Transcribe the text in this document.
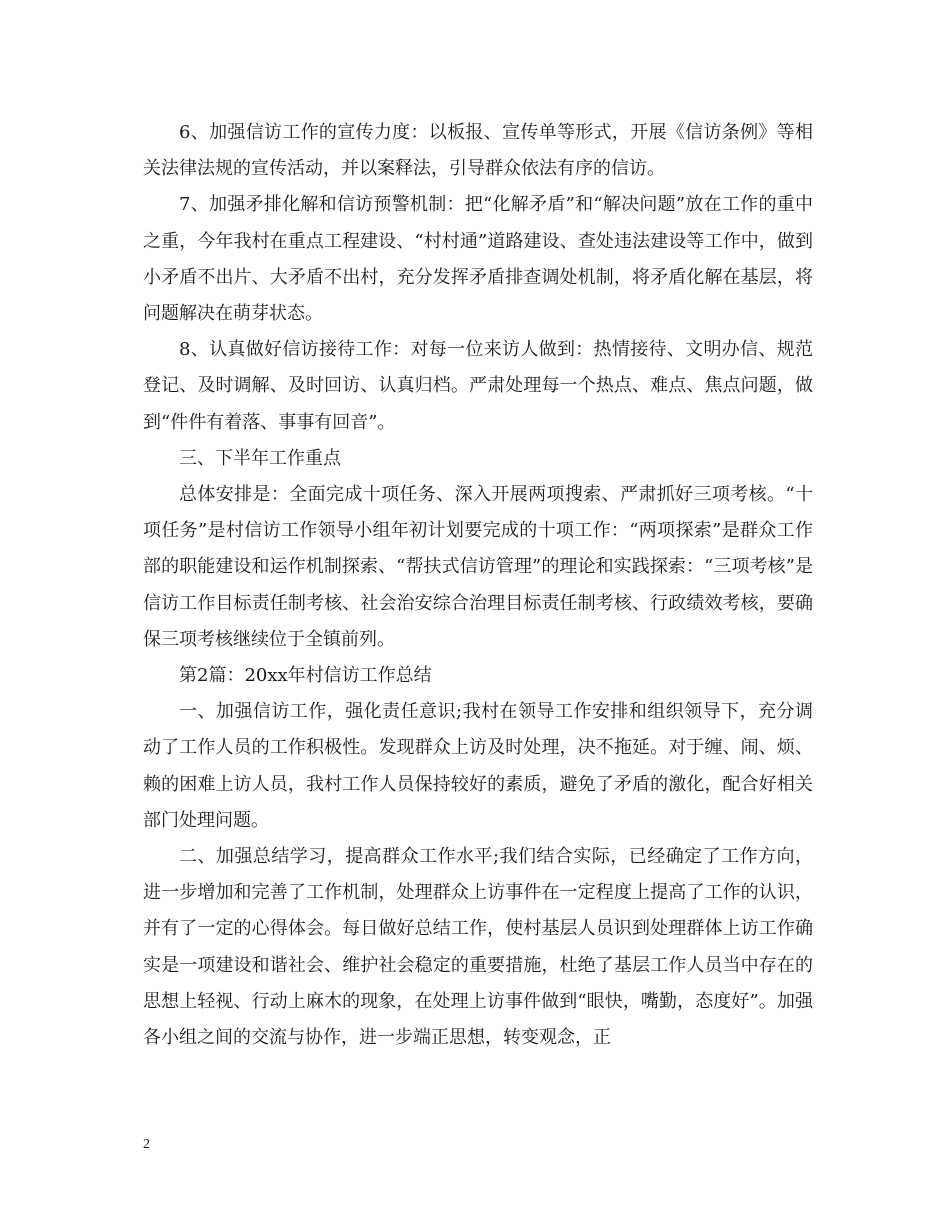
6、加强信访工作的宣传力度：以板报、宣传单等形式，开展《信访条例》等相关法律法规的宣传活动，并以案释法，引导群众依法有序的信访。

7、加强矛排化解和信访预警机制：把“化解矛盾”和“解决问题”放在工作的重中之重，今年我村在重点工程建设、“村村通”道路建设、查处违法建设等工作中，做到小矛盾不出片、大矛盾不出村，充分发挥矛盾排查调处机制，将矛盾化解在基层，将问题解决在萌芽状态。

8、认真做好信访接待工作：对每一位来访人做到：热情接待、文明办信、规范登记、及时调解、及时回访、认真归档。严肃处理每一个热点、难点、焦点问题，做到“件件有着落、事事有回音”。

三、下半年工作重点

总体安排是：全面完成十项任务、深入开展两项搜索、严肃抓好三项考核。“十项任务”是村信访工作领导小组年初计划要完成的十项工作：“两项探索”是群众工作部的职能建设和运作机制探索、“帮扶式信访管理”的理论和实践探索：“三项考核”是信访工作目标责任制考核、社会治安综合治理目标责任制考核、行政绩效考核，要确保三项考核继续位于全镇前列。

第2篇：20xx年村信访工作总结

一、加强信访工作，强化责任意识;我村在领导工作安排和组织领导下，充分调动了工作人员的工作积极性。发现群众上访及时处理，决不拖延。对于缠、闹、烦、赖的困难上访人员，我村工作人员保持较好的素质，避免了矛盾的激化，配合好相关部门处理问题。

二、加强总结学习，提高群众工作水平;我们结合实际，已经确定了工作方向，进一步增加和完善了工作机制，处理群众上访事件在一定程度上提高了工作的认识，并有了一定的心得体会。每日做好总结工作，使村基层人员识到处理群体上访工作确实是一项建设和谐社会、维护社会稳定的重要措施，杜绝了基层工作人员当中存在的思想上轻视、行动上麻木的现象，在处理上访事件做到“眼快，嘴勤，态度好”。加强各小组之间的交流与协作，进一步端正思想，转变观念，正

2
